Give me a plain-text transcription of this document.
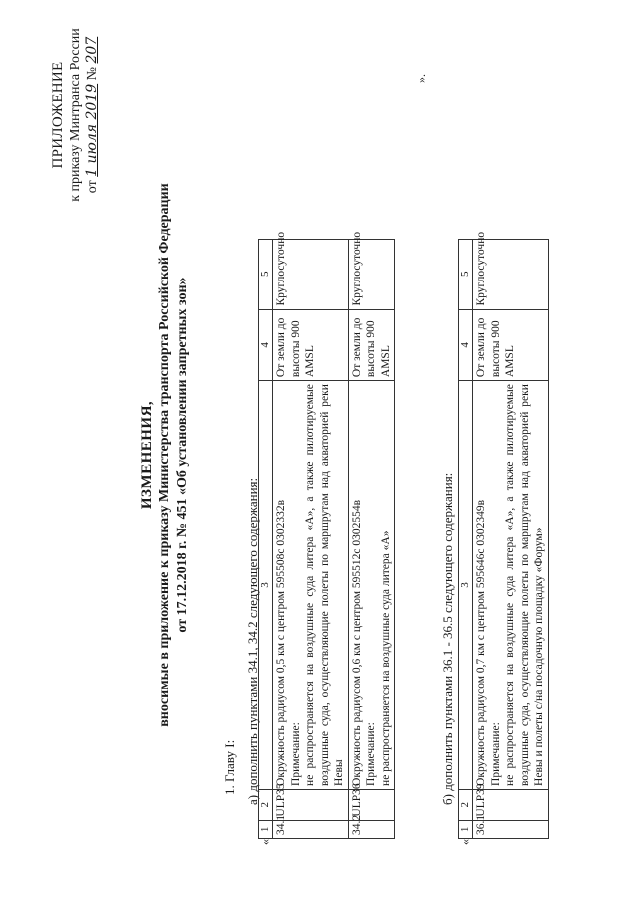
ПРИЛОЖЕНИЕ к приказу Минтранса России от 1 июля 2019 № 207
ИЗМЕНЕНИЯ, вносимые в приложение к приказу Министерства транспорта Российской Федерации от 17.12.2018 г. № 451 «Об установлении запретных зон»
1. Главу I: а) дополнить пунктами 34.1, 34.2 следующего содержания:
«
1	2	3	4	5
34.1	ULP35	Окружность радиусом 0,5 км с центром 595508с 0302332в Примечание: не распространяется на воздушные суда литера «А», а также пилотируемые воздушные суда, осуществляющие полеты по маршрутам над акваторией реки Невы	От земли до высоты 900 AMSL	Круглосуточно
34.2	ULP36	Окружность радиусом 0,6 км с центром 595512с 0302554в Примечание: не распространяется на воздушные суда литера «А»	От земли до высоты 900 AMSL	Круглосуточно
».
б) дополнить пунктами 36.1 - 36.5 следующего содержания:
«
1	2	3	4	5
36.1	ULP39	Окружность радиусом 0,7 км с центром 595646с 0302349в Примечание: не распространяется на воздушные суда литера «А», а также пилотируемые воздушные суда, осуществляющие полеты по маршрутам над акваторией реки Невы и полеты с/на посадочную площадку «Форум»	От земли до высоты 900 AMSL	Круглосуточно
